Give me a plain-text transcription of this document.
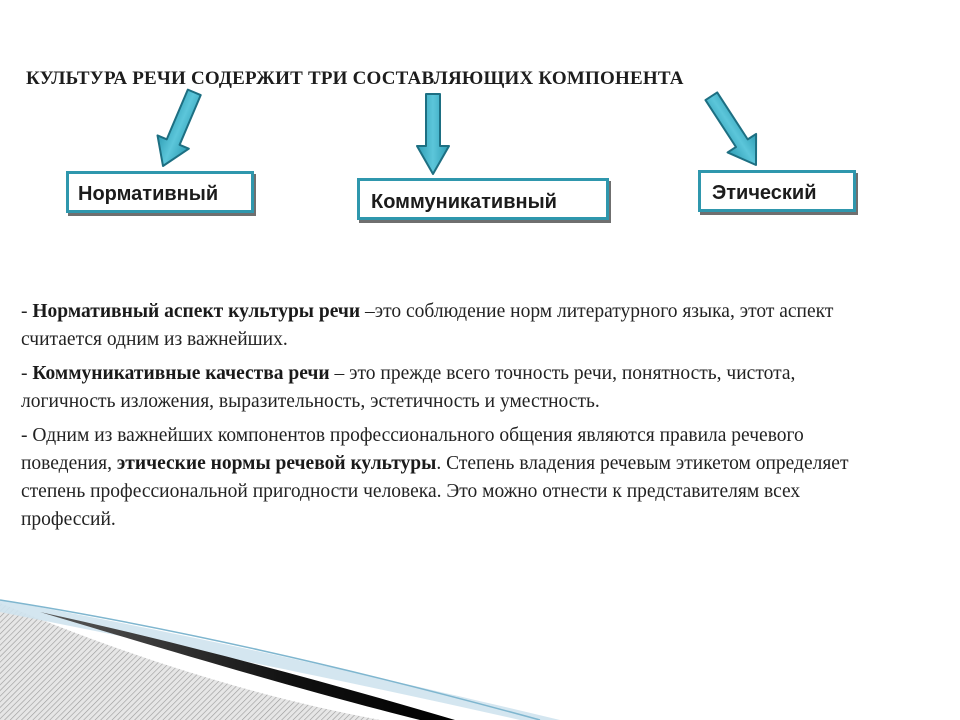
КУЛЬТУРА РЕЧИ СОДЕРЖИТ ТРИ СОСТАВЛЯЮЩИХ КОМПОНЕНТА
Нормативный	Коммуникативный	Этический

- Нормативный аспект культуры речи –это соблюдение норм литературного языка, этот аспект считается одним из важнейших.

- Коммуникативные качества речи – это прежде всего точность речи, понятность, чистота, логичность изложения, выразительность, эстетичность и уместность.

- Одним из важнейших компонентов профессионального общения являются правила речевого поведения, этические нормы речевой культуры. Степень владения речевым этикетом определяет степень профессиональной пригодности человека. Это можно отнести к представителям всех профессий.
